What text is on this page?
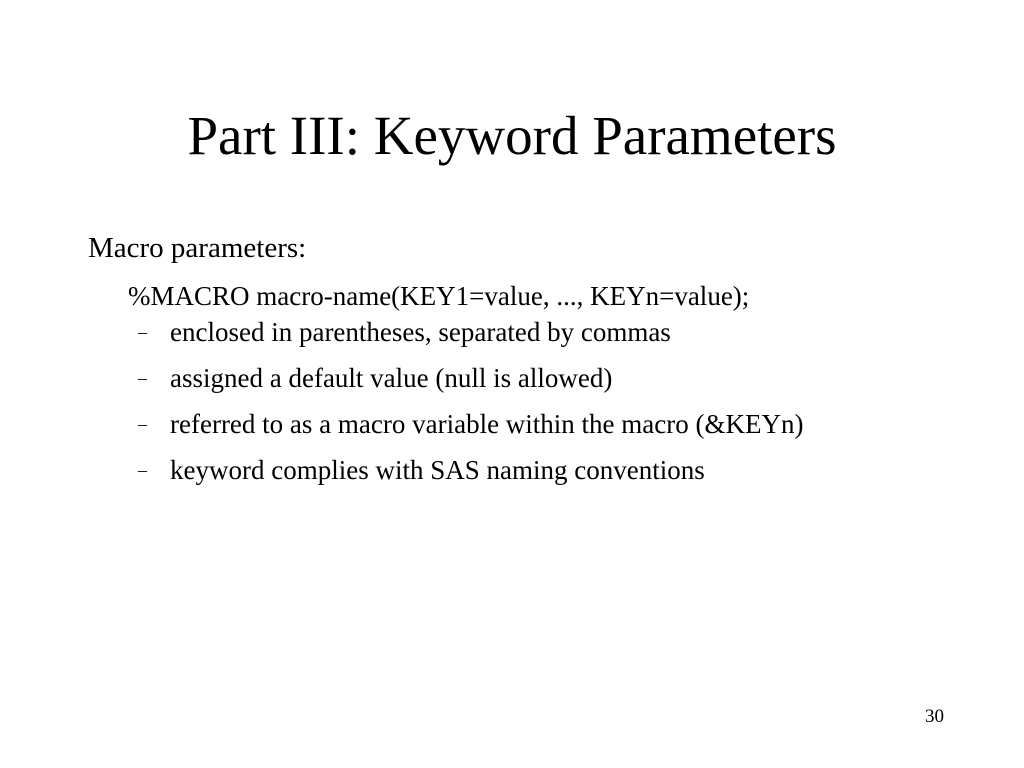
Part III: Keyword Parameters

Macro parameters:

%MACRO macro-name(KEY1=value, ..., KEYn=value);

– enclosed in parentheses, separated by commas
– assigned a default value (null is allowed)
– referred to as a macro variable within the macro (&KEYn)
– keyword complies with SAS naming conventions
30
